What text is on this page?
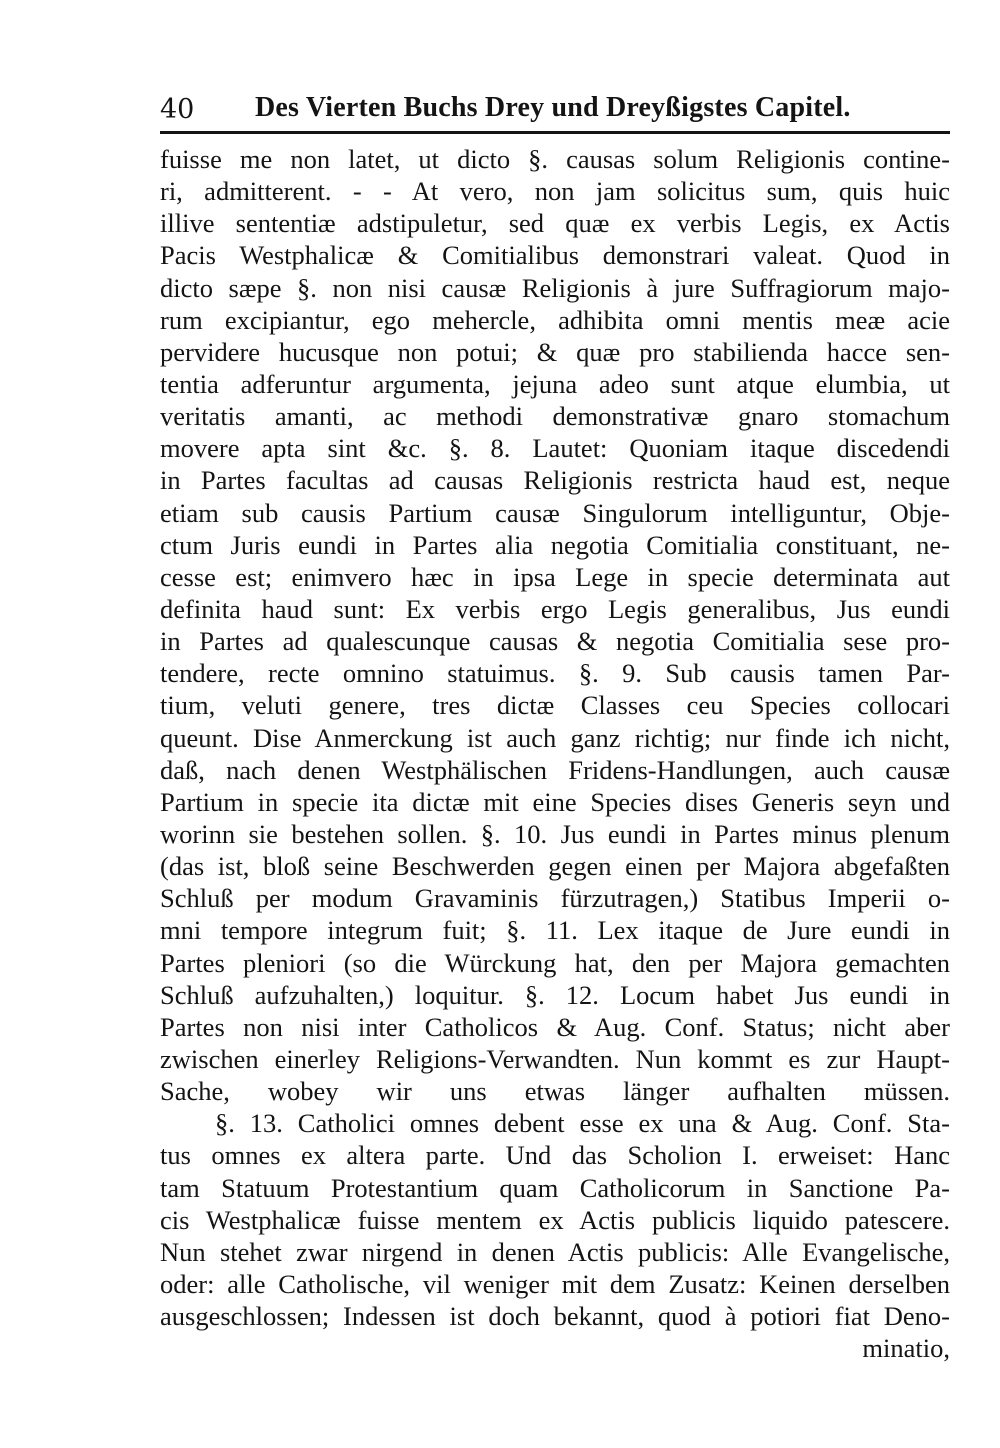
40 Des Vierten Buchs Drey und Dreyßigstes Capitel.
fuisse me non latet, ut dicto §. causas solum Religionis contine-
ri, admitterent. - - At vero, non jam solicitus sum, quis huic
illive sententiæ adstipuletur, sed quæ ex verbis Legis, ex Actis
Pacis Westphalicæ & Comitialibus demonstrari valeat. Quod in
dicto sæpe §. non nisi causæ Religionis à jure Suffragiorum majo-
rum excipiantur, ego mehercle, adhibita omni mentis meæ acie
pervidere hucusque non potui; & quæ pro stabilienda hacce sen-
tentia adferuntur argumenta, jejuna adeo sunt atque elumbia, ut
veritatis amanti, ac methodi demonstrativæ gnaro stomachum
movere apta sint &c. §. 8. Lautet: Quoniam itaque discedendi
in Partes facultas ad causas Religionis restricta haud est, neque
etiam sub causis Partium causæ Singulorum intelliguntur, Obje-
ctum Juris eundi in Partes alia negotia Comitialia constituant, ne-
cesse est; enimvero hæc in ipsa Lege in specie determinata aut
definita haud sunt: Ex verbis ergo Legis generalibus, Jus eundi
in Partes ad qualescunque causas & negotia Comitialia sese pro-
tendere, recte omnino statuimus. §. 9. Sub causis tamen Par-
tium, veluti genere, tres dictæ Classes ceu Species collocari
queunt. Dise Anmerckung ist auch ganz richtig; nur finde ich nicht,
daß, nach denen Westphälischen Fridens-Handlungen, auch causæ
Partium in specie ita dictæ mit eine Species dises Generis seyn und
worinn sie bestehen sollen. §. 10. Jus eundi in Partes minus plenum
(das ist, bloß seine Beschwerden gegen einen per Majora abgefaßten
Schluß per modum Gravaminis fürzutragen,) Statibus Imperii o-
mni tempore integrum fuit; §. 11. Lex itaque de Jure eundi in
Partes pleniori (so die Würckung hat, den per Majora gemachten
Schluß aufzuhalten,) loquitur. §. 12. Locum habet Jus eundi in
Partes non nisi inter Catholicos & Aug. Conf. Status; nicht aber
zwischen einerley Religions-Verwandten. Nun kommt es zur Haupt-
Sache, wobey wir uns etwas länger aufhalten müssen.
§. 13. Catholici omnes debent esse ex una & Aug. Conf. Sta-
tus omnes ex altera parte. Und das Scholion I. erweiset: Hanc
tam Statuum Protestantium quam Catholicorum in Sanctione Pa-
cis Westphalicæ fuisse mentem ex Actis publicis liquido patescere.
Nun stehet zwar nirgend in denen Actis publicis: Alle Evangelische,
oder: alle Catholische, vil weniger mit dem Zusatz: Keinen derselben
ausgeschlossen; Indessen ist doch bekannt, quod à potiori fiat Deno-
minatio,
